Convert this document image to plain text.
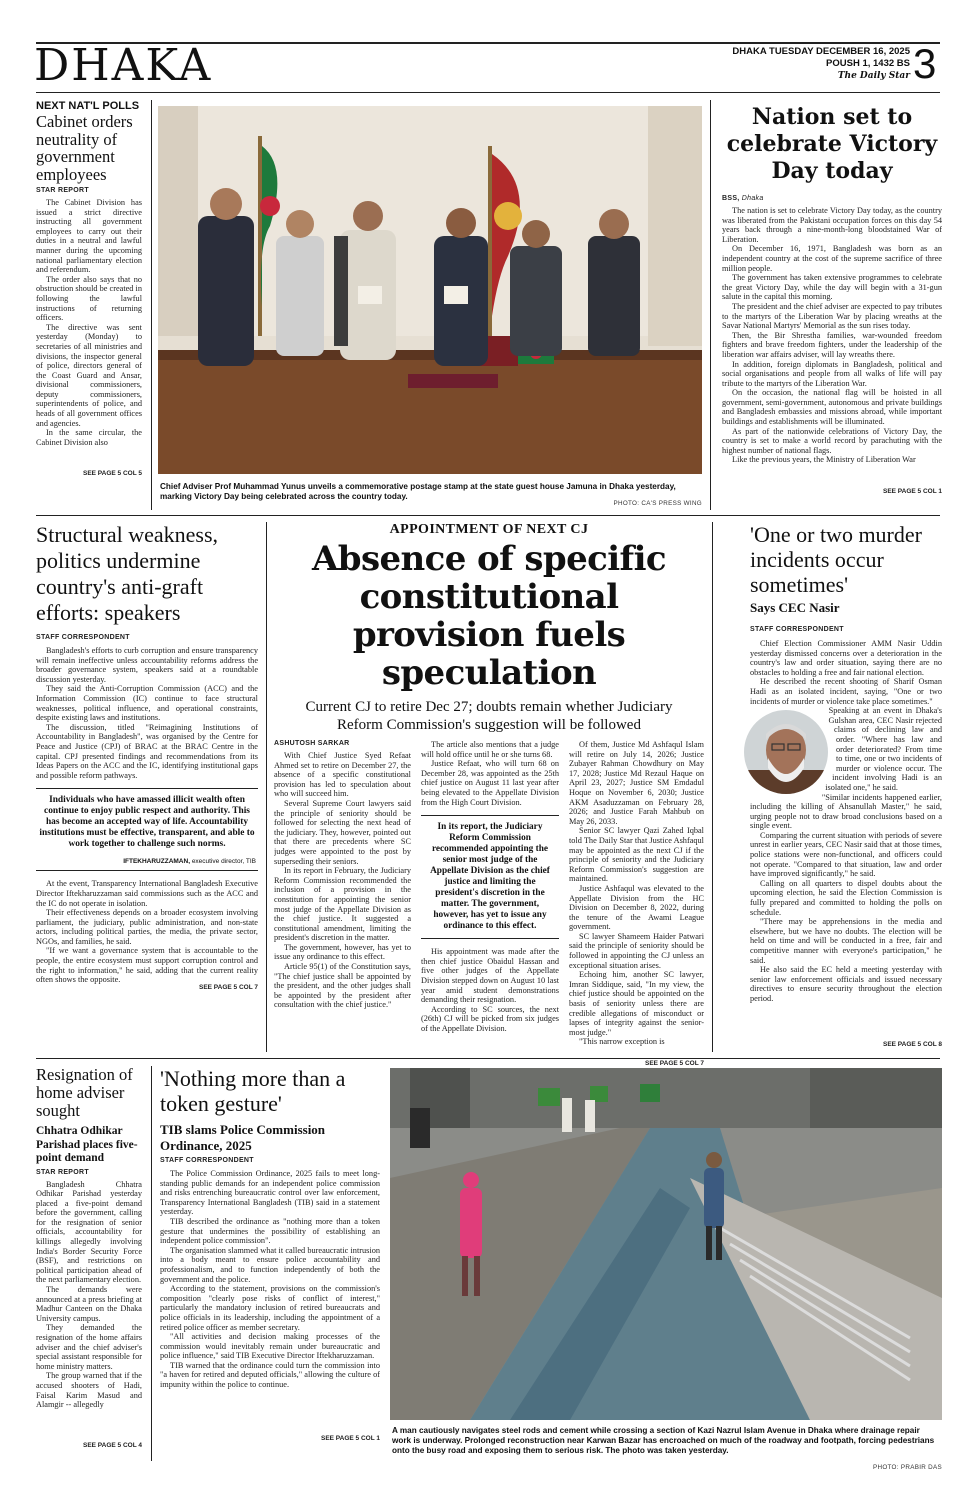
DHAKA	DHAKA TUESDAY DECEMBER 16, 2025
POUSH 1, 1432 BS
The Daily Star 3
NEXT NAT'L POLLS
Cabinet orders neutrality of government employees
STAR REPORT

The Cabinet Division has issued a strict directive instructing all government employees to carry out their duties in a neutral and lawful manner during the upcoming national parliamentary election and referendum.

The order also says that no obstruction should be created in following the lawful instructions of returning officers.

The directive was sent yesterday (Monday) to secretaries of all ministries and divisions, the inspector general of police, directors general of the Coast Guard and Ansar, divisional commissioners, deputy commissioners, superintendents of police, and heads of all government offices and agencies.

In the same circular, the Cabinet Division also

SEE PAGE 5 COL 5
Chief Adviser Prof Muhammad Yunus unveils a commemorative postage stamp at the state guest house Jamuna in Dhaka yesterday, marking Victory Day being celebrated across the country today.
PHOTO: CA'S PRESS WING
Nation set to celebrate Victory Day today
BSS, Dhaka

The nation is set to celebrate Victory Day today, as the country was liberated from the Pakistani occupation forces on this day 54 years back through a nine-month-long bloodstained War of Liberation.

On December 16, 1971, Bangladesh was born as an independent country at the cost of the supreme sacrifice of three million people.

The government has taken extensive programmes to celebrate the great Victory Day, while the day will begin with a 31-gun salute in the capital this morning.

The president and the chief adviser are expected to pay tributes to the martyrs of the Liberation War by placing wreaths at the Savar National Martyrs' Memorial as the sun rises today.

Then, the Bir Shrestha families, war-wounded freedom fighters and brave freedom fighters, under the leadership of the liberation war affairs adviser, will lay wreaths there.

In addition, foreign diplomats in Bangladesh, political and social organisations and people from all walks of life will pay tribute to the martyrs of the Liberation War.

On the occasion, the national flag will be hoisted in all government, semi-government, autonomous and private buildings and Bangladesh embassies and missions abroad, while important buildings and establishments will be illuminated.

As part of the nationwide celebrations of Victory Day, the country is set to make a world record by parachuting with the highest number of national flags.

Like the previous years, the Ministry of Liberation War

SEE PAGE 5 COL 1
Structural weakness, politics undermine country's anti-graft efforts: speakers
STAFF CORRESPONDENT

Bangladesh's efforts to curb corruption and ensure transparency will remain ineffective unless accountability reforms address the broader governance system, speakers said at a roundtable discussion yesterday.

They said the Anti-Corruption Commission (ACC) and the Information Commission (IC) continue to face structural weaknesses, political influence, and operational constraints, despite existing laws and institutions.

The discussion, titled "Reimagining Institutions of Accountability in Bangladesh", was organised by the Centre for Peace and Justice (CPJ) of BRAC at the BRAC Centre in the capital. CPJ presented findings and recommendations from its Ideas Papers on the ACC and the IC, identifying institutional gaps and possible reform pathways.

Individuals who have amassed illicit wealth often continue to enjoy public respect and authority. This has become an accepted way of life. Accountability institutions must be effective, transparent, and able to work together to challenge such norms.
IFTEKHARUZZAMAN, executive director, TIB

At the event, Transparency International Bangladesh Executive Director Iftekharuzzaman said commissions such as the ACC and the IC do not operate in isolation.

Their effectiveness depends on a broader ecosystem involving parliament, the judiciary, public administration, and non-state actors, including political parties, the media, the private sector, NGOs, and families, he said.

"If we want a governance system that is accountable to the people, the entire ecosystem must support corruption control and the right to information," he said, adding that the current reality often shows the opposite.

SEE PAGE 5 COL 7
APPOINTMENT OF NEXT CJ
Absence of specific constitutional provision fuels speculation
Current CJ to retire Dec 27; doubts remain whether Judiciary Reform Commission's suggestion will be followed
ASHUTOSH SARKAR

With Chief Justice Syed Refaat Ahmed set to retire on December 27, the absence of a specific constitutional provision has led to speculation about who will succeed him.

Several Supreme Court lawyers said the principle of seniority should be followed for selecting the next head of the judiciary. They, however, pointed out that there are precedents where SC judges were appointed to the post by superseding their seniors.

In its report in February, the Judiciary Reform Commission recommended the inclusion of a provision in the constitution for appointing the senior most judge of the Appellate Division as the chief justice. It suggested a constitutional amendment, limiting the president's discretion in the matter.

The government, however, has yet to issue any ordinance to this effect.

Article 95(1) of the Constitution says, "The chief justice shall be appointed by the president, and the other judges shall be appointed by the president after consultation with the chief justice."

The article also mentions that a judge will hold office until he or she turns 68.

Justice Refaat, who will turn 68 on December 28, was appointed as the 25th chief justice on August 11 last year after being elevated to the Appellate Division from the High Court Division.

In its report, the Judiciary Reform Commission recommended appointing the senior most judge of the Appellate Division as the chief justice and limiting the president's discretion in the matter. The government, however, has yet to issue any ordinance to this effect.

His appointment was made after the then chief justice Obaidul Hassan and five other judges of the Appellate Division stepped down on August 10 last year amid student demonstrations demanding their resignation.

According to SC sources, the next (26th) CJ will be picked from six judges of the Appellate Division.

Of them, Justice Md Ashfaqul Islam will retire on July 14, 2026; Justice Zubayer Rahman Chowdhury on May 17, 2028; Justice Md Rezaul Haque on April 23, 2027; Justice SM Emdadul Hoque on November 6, 2030; Justice AKM Asaduzzaman on February 28, 2026; and Justice Farah Mahbub on May 26, 2033.

Senior SC lawyer Qazi Zahed Iqbal told The Daily Star that Justice Ashfaqul may be appointed as the next CJ if the principle of seniority and the Judiciary Reform Commission's suggestion are maintained.

Justice Ashfaqul was elevated to the Appellate Division from the HC Division on December 8, 2022, during the tenure of the Awami League government.

SC lawyer Shameem Haider Patwari said the principle of seniority should be followed in appointing the CJ unless an exceptional situation arises.

Echoing him, another SC lawyer, Imran Siddique, said, "In my view, the chief justice should be appointed on the basis of seniority unless there are credible allegations of misconduct or lapses of integrity against the senior-most judge."

"This narrow exception is

SEE PAGE 5 COL 7
'One or two murder incidents occur sometimes'
Says CEC Nasir
STAFF CORRESPONDENT

Chief Election Commissioner AMM Nasir Uddin yesterday dismissed concerns over a deterioration in the country's law and order situation, saying there are no obstacles to holding a free and fair national election.

He described the recent shooting of Sharif Osman Hadi as an isolated incident, saying, "One or two incidents of murder or violence take place sometimes."

Speaking at an event in Dhaka's Gulshan area, CEC Nasir rejected claims of declining law and order. "Where has law and order deteriorated? From time to time, one or two incidents of murder or violence occur. The incident involving Hadi is an isolated one," he said.

"Similar incidents happened earlier, including the killing of Ahsanullah Master," he said, urging people not to draw broad conclusions based on a single event.

Comparing the current situation with periods of severe unrest in earlier years, CEC Nasir said that at those times, police stations were non-functional, and officers could not operate. "Compared to that situation, law and order have improved significantly," he said.

Calling on all quarters to dispel doubts about the upcoming election, he said the Election Commission is fully prepared and committed to holding the polls on schedule.

"There may be apprehensions in the media and elsewhere, but we have no doubts. The election will be held on time and will be conducted in a free, fair and competitive manner with everyone's participation," he said.

He also said the EC held a meeting yesterday with senior law enforcement officials and issued necessary directives to ensure security throughout the election period.

SEE PAGE 5 COL 8
Resignation of home adviser sought
Chhatra Odhikar Parishad places five-point demand
STAR REPORT

Bangladesh Chhatra Odhikar Parishad yesterday placed a five-point demand before the government, calling for the resignation of senior officials, accountability for killings allegedly involving India's Border Security Force (BSF), and restrictions on political participation ahead of the next parliamentary election.

The demands were announced at a press briefing at Madhur Canteen on the Dhaka University campus.

They demanded the resignation of the home affairs adviser and the chief adviser's special assistant responsible for home ministry matters.

The group warned that if the accused shooters of Hadi, Faisal Karim Masud and Alamgir -- allegedly

SEE PAGE 5 COL 4
'Nothing more than a token gesture'
TIB slams Police Commission Ordinance, 2025
STAFF CORRESPONDENT

The Police Commission Ordinance, 2025 fails to meet long-standing public demands for an independent police commission and risks entrenching bureaucratic control over law enforcement, Transparency International Bangladesh (TIB) said in a statement yesterday.

TIB described the ordinance as "nothing more than a token gesture that undermines the possibility of establishing an independent police commission".

The organisation slammed what it called bureaucratic intrusion into a body meant to ensure police accountability and professionalism, and to function independently of both the government and the police.

According to the statement, provisions on the commission's composition "clearly pose risks of conflict of interest," particularly the mandatory inclusion of retired bureaucrats and police officials in its leadership, including the appointment of a retired police officer as member secretary.

"All activities and decision making processes of the commission would inevitably remain under bureaucratic and police influence," said TIB Executive Director Iftekharuzzaman.

TIB warned that the ordinance could turn the commission into "a haven for retired and deputed officials," allowing the culture of impunity within the police to continue.

SEE PAGE 5 COL 1
A man cautiously navigates steel rods and cement while crossing a section of Kazi Nazrul Islam Avenue in Dhaka where drainage repair work is underway. Prolonged reconstruction near Karwan Bazar has encroached on much of the roadway and footpath, forcing pedestrians onto the busy road and exposing them to serious risk. The photo was taken yesterday.
PHOTO: PRABIR DAS
